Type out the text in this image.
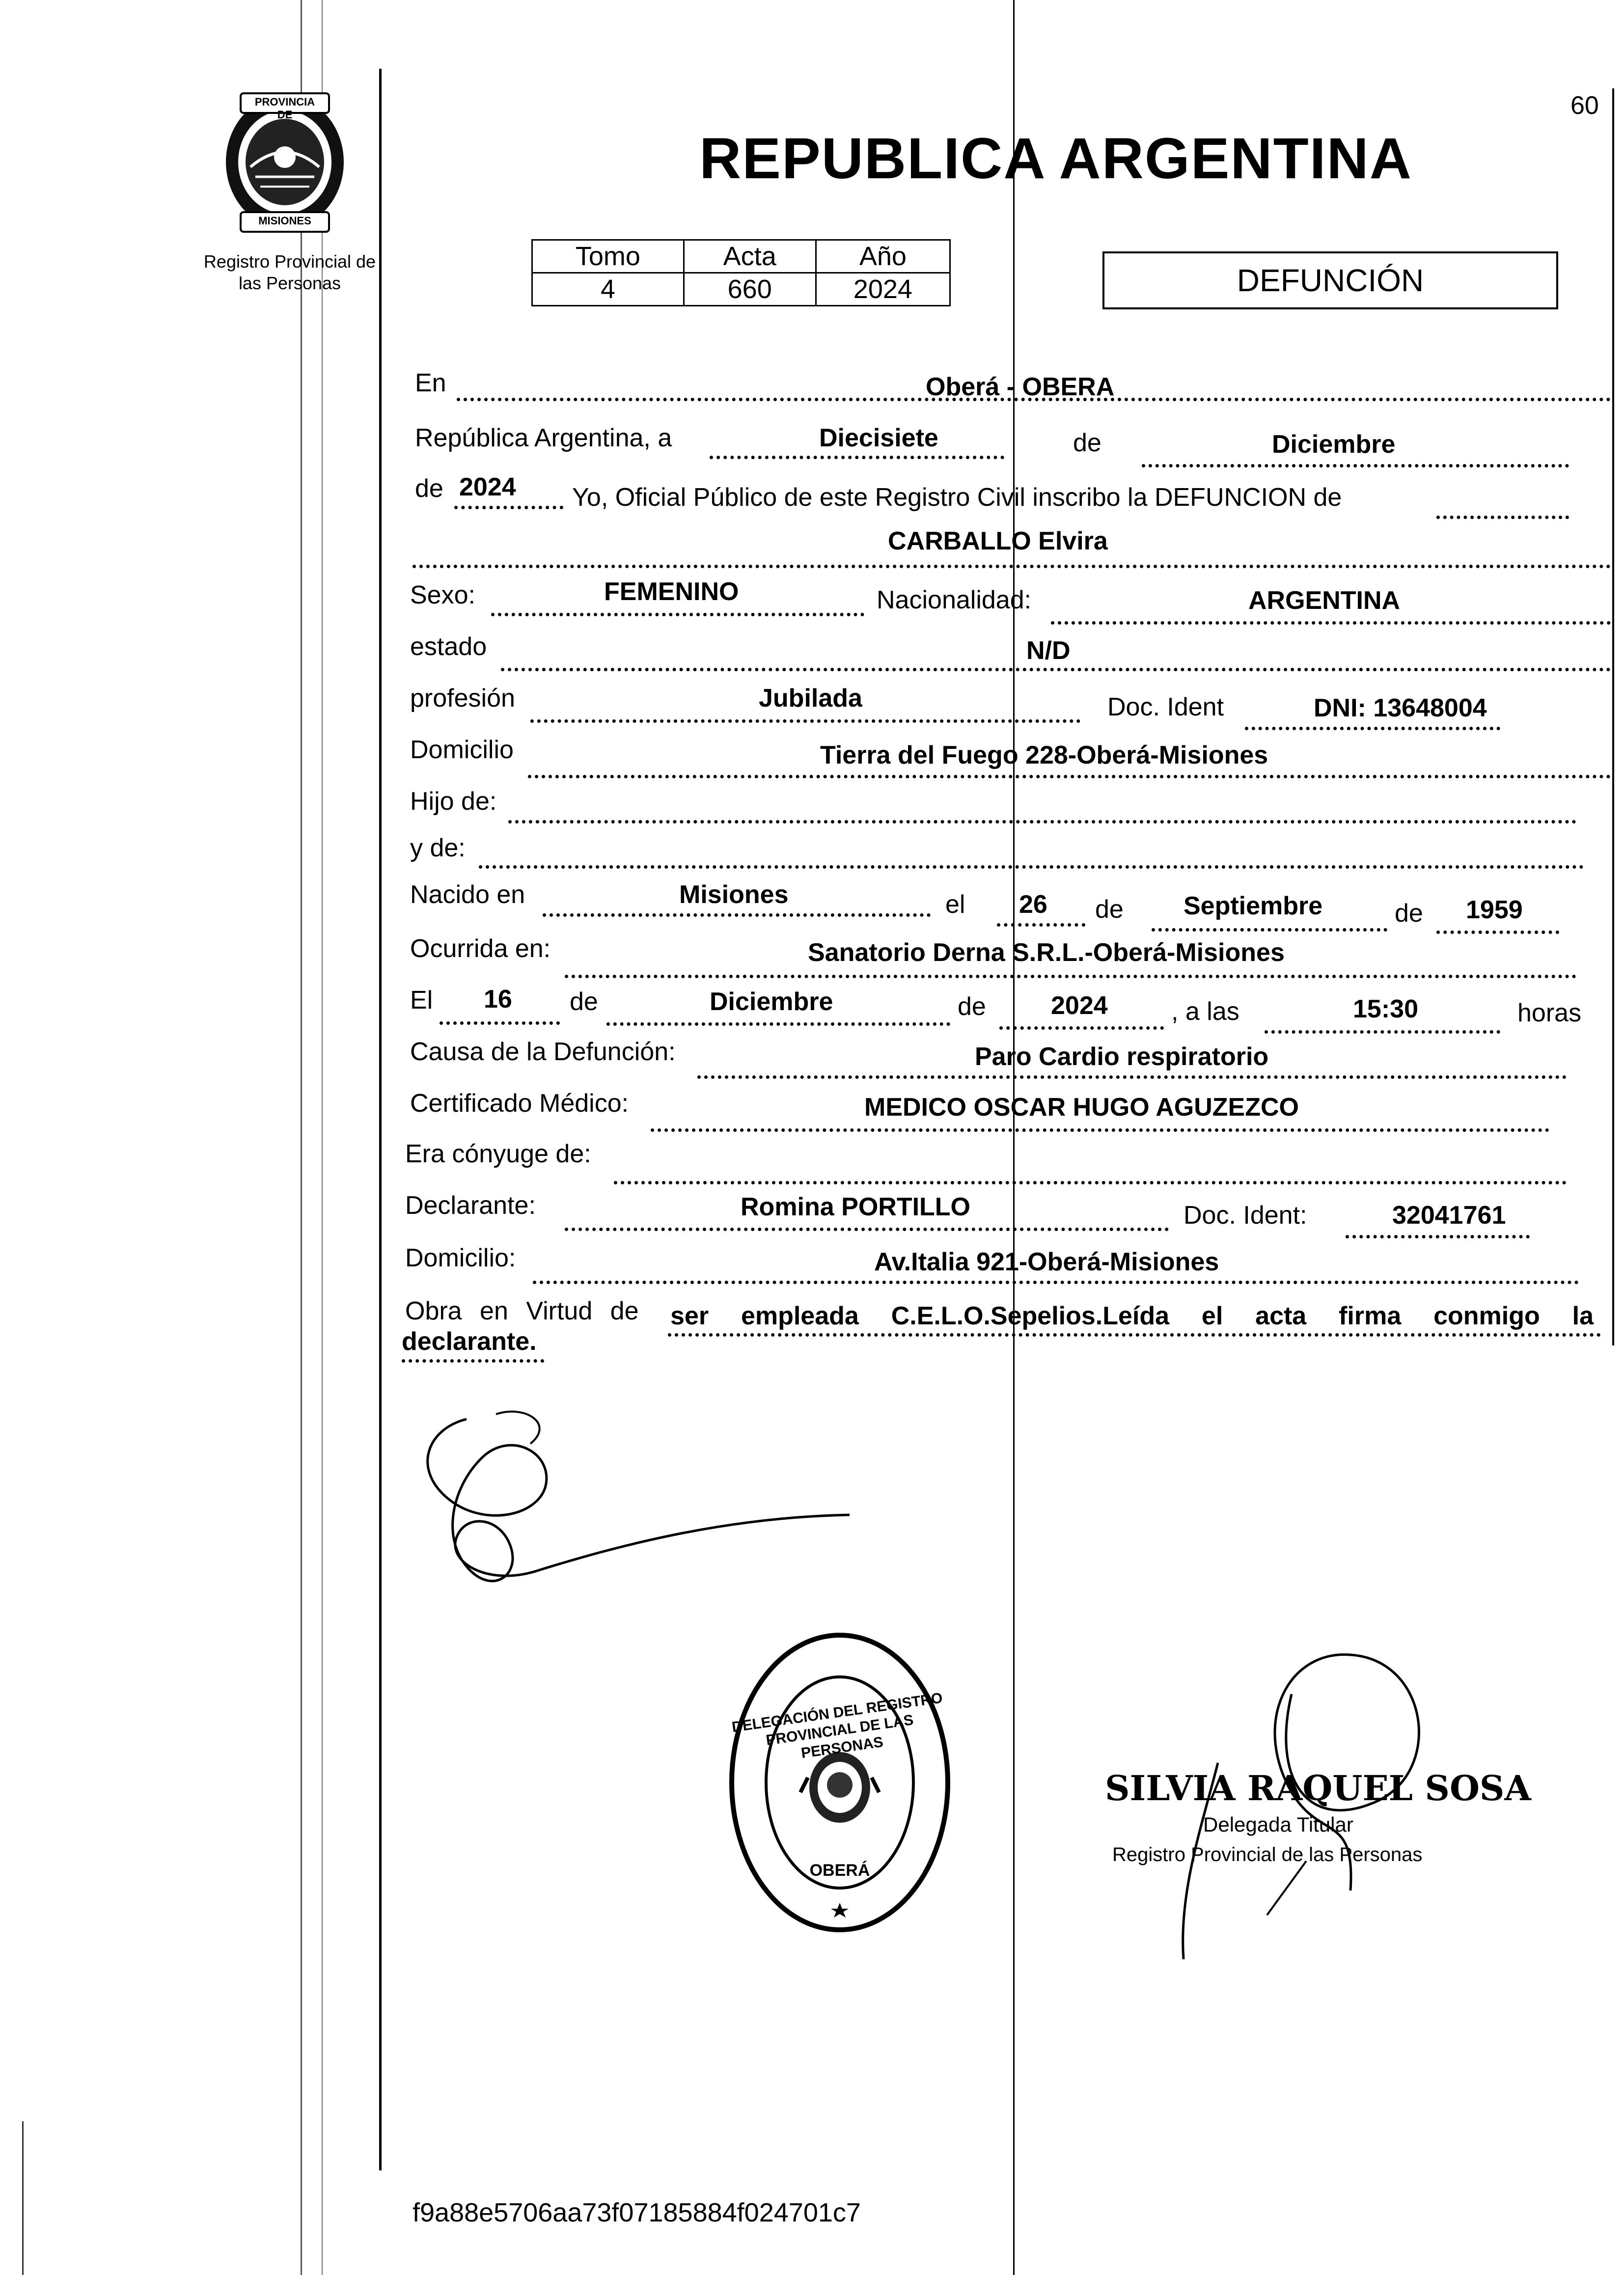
60
PROVINCIA DE
MISIONES
Registro Provincial de
las Personas
REPUBLICA ARGENTINA
Tomo	Acta	Año
4	660	2024	DEFUNCIÓN
En	Oberá - OBERA
República Argentina, a	Diecisiete	de	Diciembre
de 2024 Yo, Oficial Público de este Registro Civil inscribo la DEFUNCION de
CARBALLO Elvira
Sexo:	FEMENINO	Nacionalidad:	ARGENTINA
estado	N/D
profesión	Jubilada	Doc. Ident	DNI: 13648004
Domicilio	Tierra del Fuego 228-Oberá-Misiones
Hijo de:
y de:
Nacido en	Misiones	el 26 de Septiembre	de 1959
Ocurrida en:	Sanatorio Derna S.R.L.-Oberá-Misiones
El 16 de	Diciembre	de	2024 , a las	15:30	horas
Causa de la Defunción:	Paro Cardio respiratorio
Certificado Médico:	MEDICO OSCAR HUGO AGUZEZCO
Era cónyuge de:
Declarante:	Romina PORTILLO	Doc. Ident:	32041761
Domicilio:	Av.Italia 921-Oberá-Misiones
Obra en Virtud de ser empleada C.E.L.O.Sepelios.Leída el acta firma conmigo la
declarante.
DELEGACIÓN DEL REGISTRO PROVINCIAL DE LAS PERSONAS
OBERÁ
SILVIA RAQUEL SOSA
Delegada Titular
Registro Provincial de las Personas
f9a88e5706aa73f07185884f024701c7
